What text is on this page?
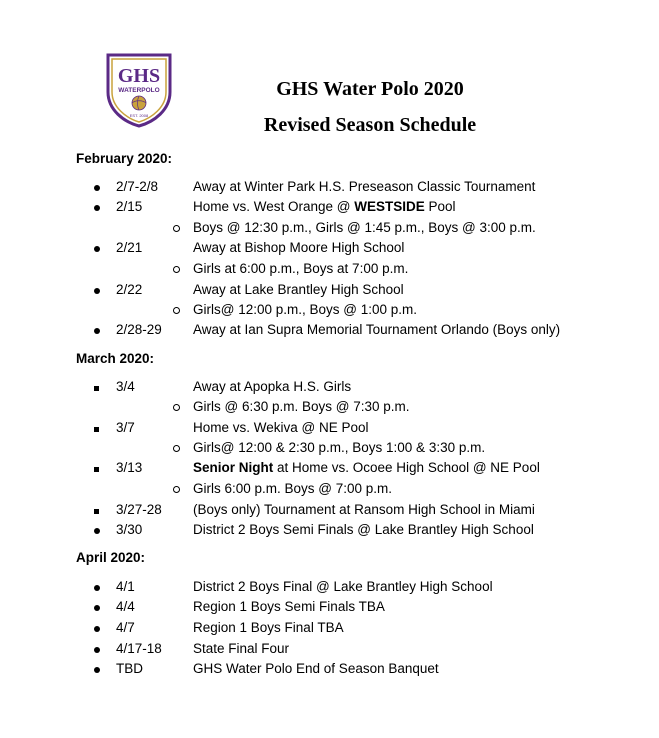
GHS
WATERPOLO
EST. 2008
GHS Water Polo 2020
Revised Season Schedule
February 2020:
2/7-2/8	Away at Winter Park H.S. Preseason Classic Tournament
2/15	Home vs. West Orange @ WESTSIDE Pool
Boys @ 12:30 p.m., Girls @ 1:45 p.m., Boys @ 3:00 p.m.
2/21	Away at Bishop Moore High School
Girls at 6:00 p.m., Boys at 7:00 p.m.
2/22	Away at Lake Brantley High School
Girls@ 12:00 p.m., Boys @ 1:00 p.m.
2/28-29 Away at Ian Supra Memorial Tournament Orlando (Boys only)
March 2020:
3/4	Away at Apopka H.S. Girls
Girls @ 6:30 p.m. Boys @ 7:30 p.m.
3/7	Home vs. Wekiva @ NE Pool
Girls@ 12:00 & 2:30 p.m., Boys 1:00 & 3:30 p.m.
3/13	Senior Night at Home vs. Ocoee High School @ NE Pool
Girls 6:00 p.m. Boys @ 7:00 p.m.
3/27-28 (Boys only) Tournament at Ransom High School in Miami
3/30	District 2 Boys Semi Finals @ Lake Brantley High School
April 2020:
4/1	District 2 Boys Final @ Lake Brantley High School
4/4	Region 1 Boys Semi Finals TBA
4/7	Region 1 Boys Final TBA
4/17-18 State Final Four
TBD	GHS Water Polo End of Season Banquet
